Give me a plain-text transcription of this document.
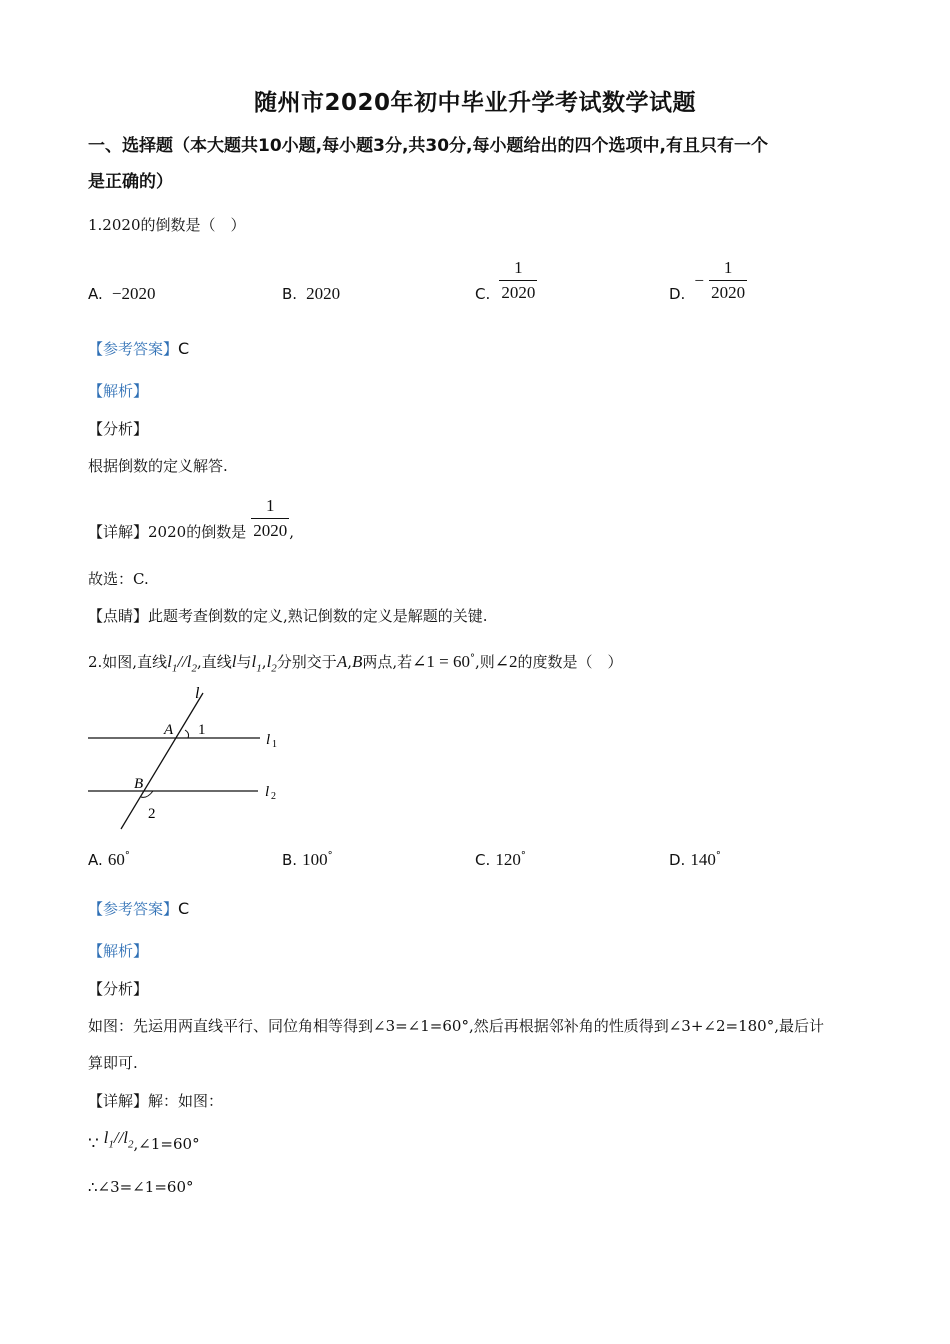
随州市2020年初中毕业升学考试数学试题
一、选择题（本大题共10小题,每小题3分,共30分,每小题给出的四个选项中,有且只有一个
是正确的）
1.2020的倒数是（　）
A. −2020	B. 2020	C. $\frac{1}{2020}$	D. − $\frac{1}{2020}$
【参考答案】C
【解析】
【分析】
根据倒数的定义解答.
【详解】2020的倒数是 $\frac{1}{2020}$ ,
故选：C.
【点睛】此题考查倒数的定义,熟记倒数的定义是解题的关键.
2.如图,直线$l_1//l_2$,直线l与$l_1,l_2$分别交于A,B两点,若∠1 = 60°,则∠2的度数是（　）
l
A 1
l 1
B
2
l 2
A. 60°	B. 100°	C. 120°	D. 140°
【参考答案】C
【解析】
【分析】
如图：先运用两直线平行、同位角相等得到∠3=∠1=60°,然后再根据邻补角的性质得到∠3+∠2=180°,最后计
算即可.
【详解】解：如图：
∵ $l_1//l_2,\angle 1=60^\circ$
∴∠3=∠1=60°
